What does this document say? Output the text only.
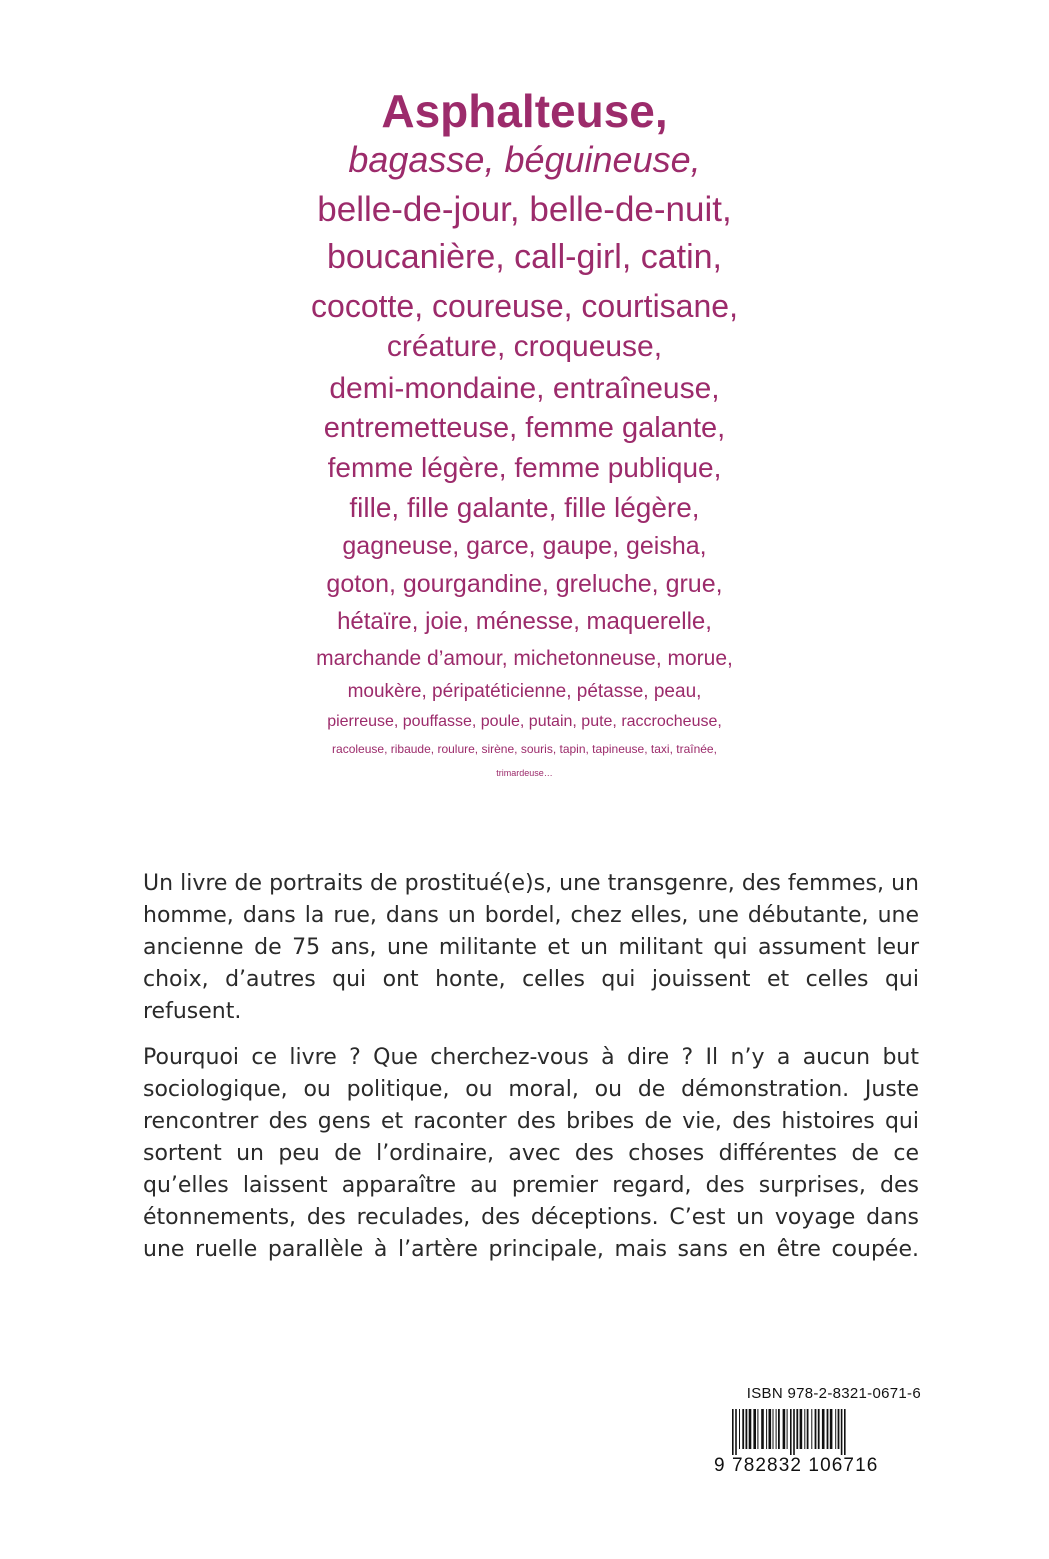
Asphalteuse,
bagasse, béguineuse,
belle-de-jour, belle-de-nuit,
boucanière, call-girl, catin,
cocotte, coureuse, courtisane,
créature, croqueuse,
demi-mondaine, entraîneuse,
entremetteuse, femme galante,
femme légère, femme publique,
fille, fille galante, fille légère,
gagneuse, garce, gaupe, geisha,
goton, gourgandine, greluche, grue,
hétaïre, joie, ménesse, maquerelle,
marchande d’amour, michetonneuse, morue,
moukère, péripatéticienne, pétasse, peau,
pierreuse, pouffasse, poule, putain, pute, raccrocheuse,
racoleuse, ribaude, roulure, sirène, souris, tapin, tapineuse, taxi, traînée,
trimardeuse…

Un livre de portraits de prostitué(e)s, une transgenre, des femmes, un homme, dans la rue, dans un bordel, chez elles, une débutante, une ancienne de 75 ans, une militante et un militant qui assument leur choix, d’autres qui ont honte, celles qui jouissent et celles qui refusent.

Pourquoi ce livre ? Que cherchez-vous à dire ? Il n’y a aucun but sociologique, ou politique, ou moral, ou de démonstration. Juste rencontrer des gens et raconter des bribes de vie, des histoires qui sortent un peu de l’ordinaire, avec des choses différentes de ce qu’elles laissent apparaître au premier regard, des surprises, des étonnements, des reculades, des déceptions. C’est un voyage dans une ruelle parallèle à l’artère principale, mais sans en être coupée.

ISBN 978-2-8321-0671-6
9 782832 106716
